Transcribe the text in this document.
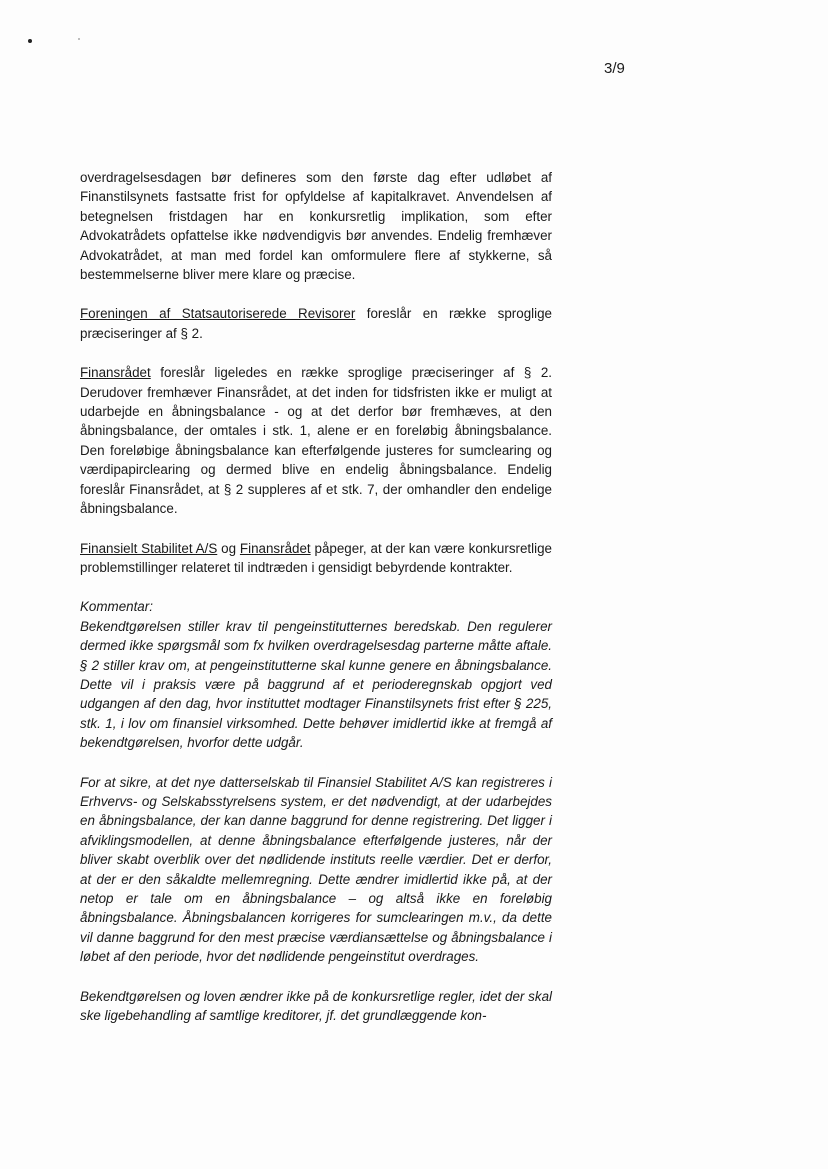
3/9

overdragelsesdagen bør defineres som den første dag efter udløbet af Finanstilsynets fastsatte frist for opfyldelse af kapitalkravet. Anvendelsen af betegnelsen fristdagen har en konkursretlig implikation, som efter Advokatrådets opfattelse ikke nødvendigvis bør anvendes. Endelig fremhæver Advokatrådet, at man med fordel kan omformulere flere af stykkerne, så bestemmelserne bliver mere klare og præcise.

Foreningen af Statsautoriserede Revisorer foreslår en række sproglige præciseringer af § 2.

Finansrådet foreslår ligeledes en række sproglige præciseringer af § 2. Derudover fremhæver Finansrådet, at det inden for tidsfristen ikke er muligt at udarbejde en åbningsbalance - og at det derfor bør fremhæves, at den åbningsbalance, der omtales i stk. 1, alene er en foreløbig åbningsbalance. Den foreløbige åbningsbalance kan efterfølgende justeres for sumclearing og værdipapirclearing og dermed blive en endelig åbningsbalance. Endelig foreslår Finansrådet, at § 2 suppleres af et stk. 7, der omhandler den endelige åbningsbalance.

Finansielt Stabilitet A/S og Finansrådet påpeger, at der kan være konkursretlige problemstillinger relateret til indtræden i gensidigt bebyrdende kontrakter.

Kommentar:
Bekendtgørelsen stiller krav til pengeinstitutternes beredskab. Den regulerer dermed ikke spørgsmål som fx hvilken overdragelsesdag parterne måtte aftale. § 2 stiller krav om, at pengeinstitutterne skal kunne genere en åbningsbalance. Dette vil i praksis være på baggrund af et perioderegnskab opgjort ved udgangen af den dag, hvor instituttet modtager Finanstilsynets frist efter § 225, stk. 1, i lov om finansiel virksomhed. Dette behøver imidlertid ikke at fremgå af bekendtgørelsen, hvorfor dette udgår.

For at sikre, at det nye datterselskab til Finansiel Stabilitet A/S kan registreres i Erhvervs- og Selskabsstyrelsens system, er det nødvendigt, at der udarbejdes en åbningsbalance, der kan danne baggrund for denne registrering. Det ligger i afviklingsmodellen, at denne åbningsbalance efterfølgende justeres, når der bliver skabt overblik over det nødlidende instituts reelle værdier. Det er derfor, at der er den såkaldte mellemregning. Dette ændrer imidlertid ikke på, at der netop er tale om en åbningsbalance – og altså ikke en foreløbig åbningsbalance. Åbningsbalancen korrigeres for sumclearingen m.v., da dette vil danne baggrund for den mest præcise værdiansættelse og åbningsbalance i løbet af den periode, hvor det nødlidende pengeinstitut overdrages.

Bekendtgørelsen og loven ændrer ikke på de konkursretlige regler, idet der skal ske ligebehandling af samtlige kreditorer, jf. det grundlæggende kon-
